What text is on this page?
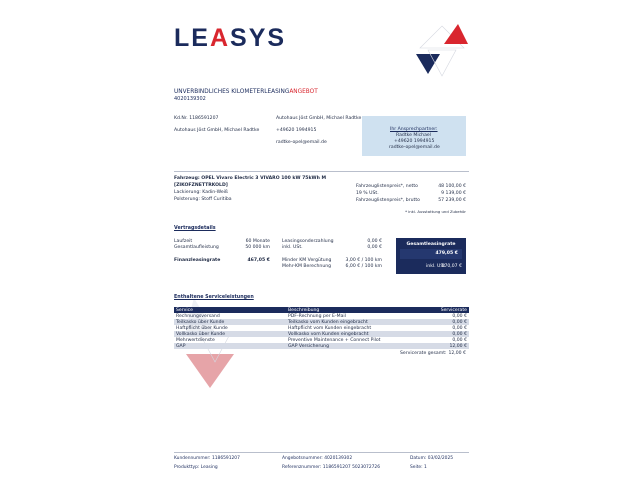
LEASYS
UNVERBINDLICHES KILOMETERLEASINGANGEBOT
4020139302
Kd.Nr. 1186591207
Autohaus Jöst GmbH, Michael Radtke
Autohaus Jöst GmbH, Michael Radtke
+49620 1994915
radtke-opel@email.de
Ihr Ansprechpartner:
Radtke Michael
+49620 1994915
radtke-opel@email.de
Fahrzeug: OPEL Vivaro Electric 3 VIVARO 100 kW 75kWh M
[ZIKOFZNETTRKOLD]
Lackierung: Kadin-Weiß
Polsterung: Stoff Curitiba
Fahrzeuglistenpreis*, netto	48 100,00 €
19 % USt.	9 139,00 €
Fahrzeuglistenpreis*, brutto	57 239,00 €
* inkl. Ausstattung und Zubehör
Vertragsdetails
Laufzeit	60 Monate
Gesamtlaufleistung	50 000 km
Finanzleasingrate	467,05 €
Leasingsonderzahlung	0,00 €
inkl. USt.	0,00 €
Minder KM Vergütung	3,00 € / 100 km
Mehr-KM Berechnung	6,00 € / 100 km
Gesamtleasingrate
479,05 €
inkl. USt.
570,07 €
Enthaltene Serviceleistungen
Service	Beschreibung	Servicerate
Rechnungsversand	PDF-Rechnung per E-Mail	0,00 €
Teilkasko über Kunde	Teilkasko vom Kunden eingebracht	0,00 €
Haftpflicht über Kunde	Haftpflicht vom Kunden eingebracht	0,00 €
Vollkasko über Kunde	Vollkasko vom Kunden eingebracht	0,00 €
Mehrwertdienste	Preventive Maintenance + Connect Pilot	0,00 €
GAP	GAP Versicherung	12,00 €
Servicerate gesamt: 12,00 €
Kundennummer: 1186591207	Angebotsnummer: 4020139302	Datum: 03/02/2025
Produkttyp: Leasing	Referenznummer: 1186591207 5023072726	Seite: 1
